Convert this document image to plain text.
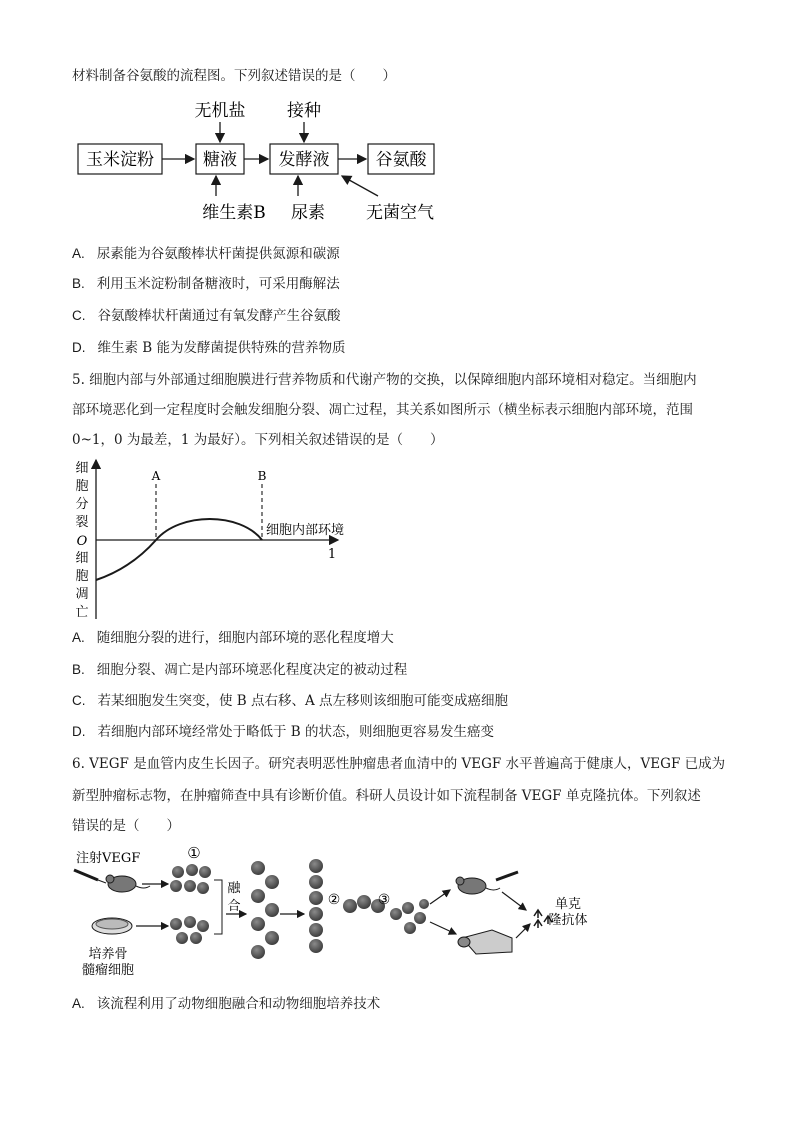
材料制备谷氨酸的流程图。下列叙述错误的是（　　）
玉米淀粉	糖液 发酵液	谷氨酸
无机盐 接种
维生素B 尿素 无菌空气
A. 尿素能为谷氨酸棒状杆菌提供氮源和碳源
B. 利用玉米淀粉制备糖液时，可采用酶解法
C. 谷氨酸棒状杆菌通过有氧发酵产生谷氨酸
D. 维生素 B 能为发酵菌提供特殊的营养物质
5. 细胞内部与外部通过细胞膜进行营养物质和代谢产物的交换，以保障细胞内部环境相对稳定。当细胞内
部环境恶化到一定程度时会触发细胞分裂、凋亡过程，其关系如图所示（横坐标表示细胞内部环境，范围
0~1，0 为最差，1 为最好）。下列相关叙述错误的是（　　）
细
胞
分
裂
O
细
胞
凋
亡
A	B
细胞内部环境
1
A. 随细胞分裂的进行，细胞内部环境的恶化程度增大
B. 细胞分裂、凋亡是内部环境恶化程度决定的被动过程
C. 若某细胞发生突变，使 B 点右移、A 点左移则该细胞可能变成癌细胞
D. 若细胞内部环境经常处于略低于 B 的状态，则细胞更容易发生癌变
6. VEGF 是血管内皮生长因子。研究表明恶性肿瘤患者血清中的 VEGF 水平普遍高于健康人，VEGF 已成为
新型肿瘤标志物，在肿瘤筛查中具有诊断价值。科研人员设计如下流程制备 VEGF 单克隆抗体。下列叙述
错误的是（　　）
注射VEGF	①
培养骨
髓瘤细胞
融
合	②	③	单克
隆抗体
A. 该流程利用了动物细胞融合和动物细胞培养技术
